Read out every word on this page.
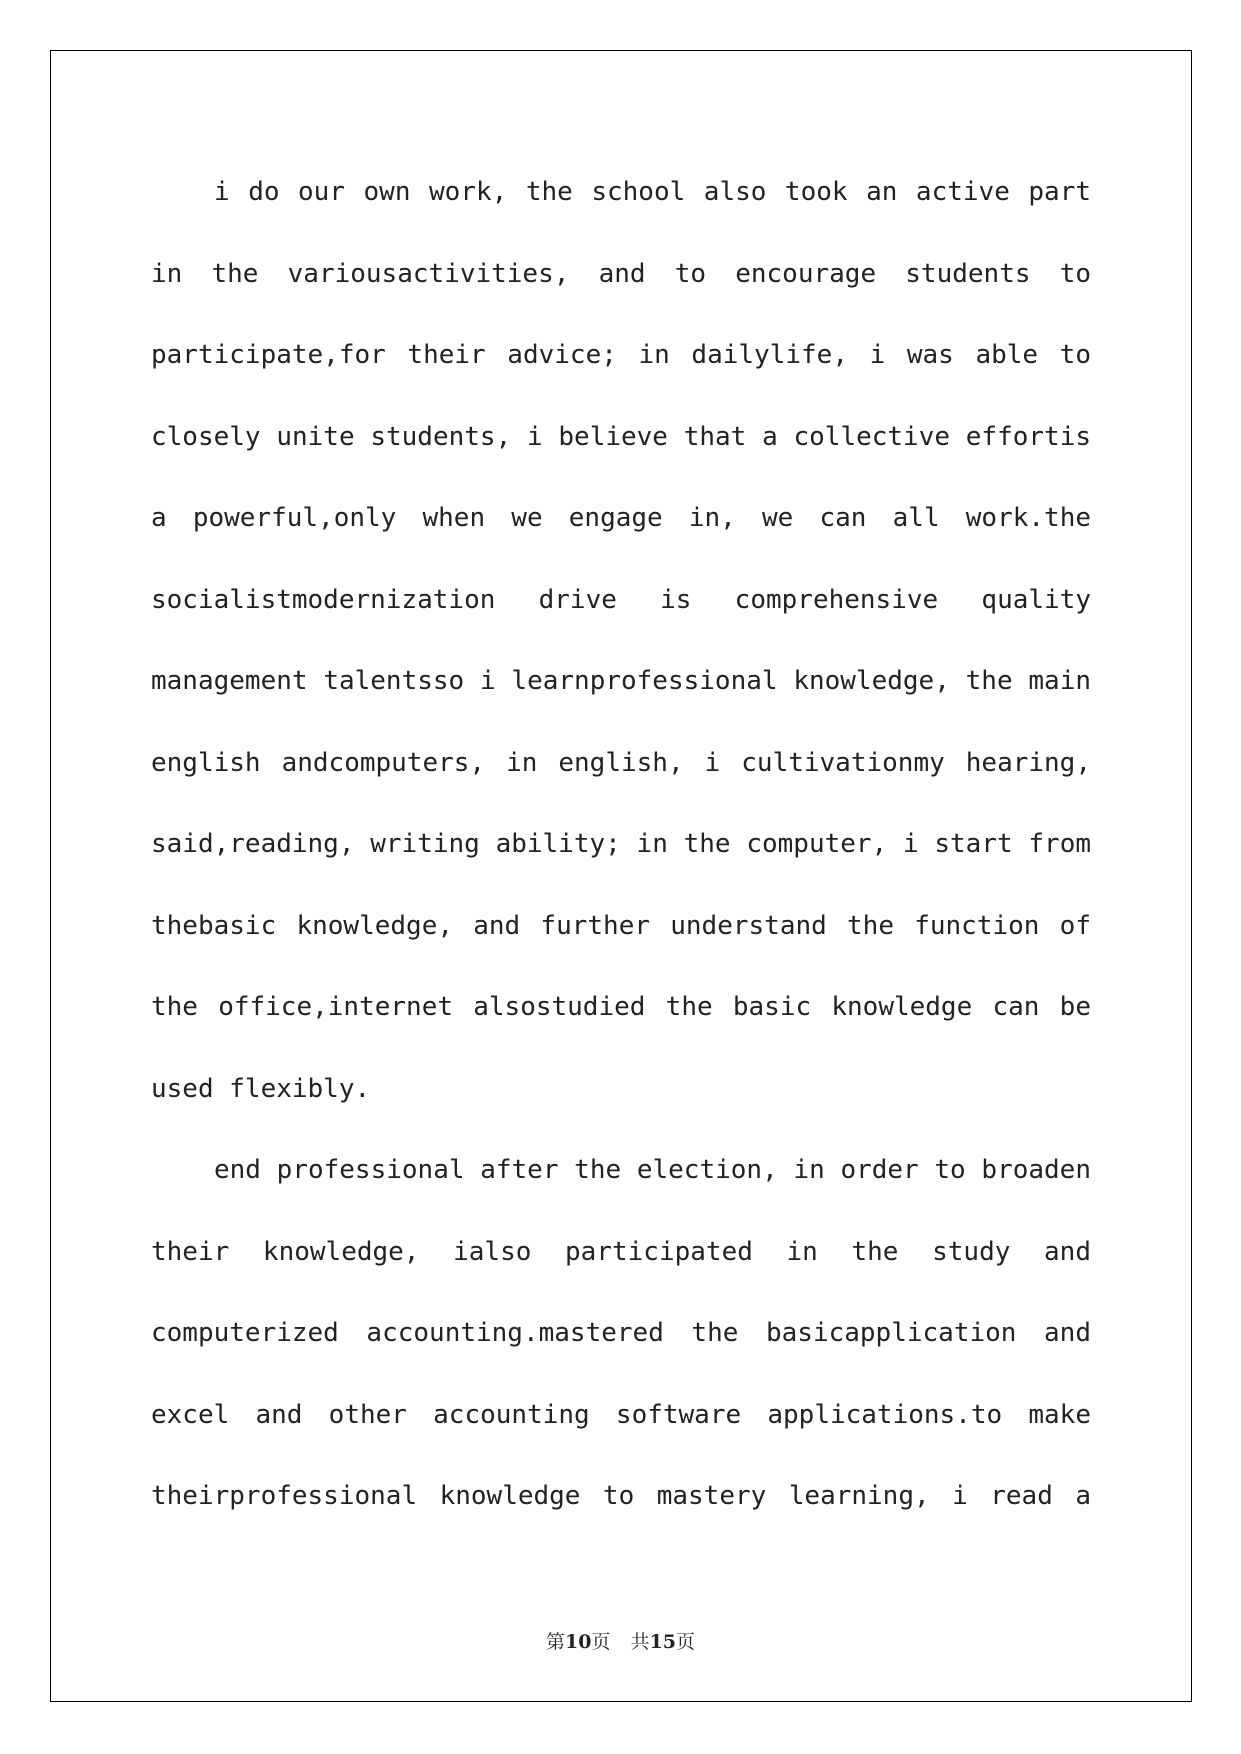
i do our own work, the school also took an active part
in the variousactivities, and to encourage students to
participate,for their advice; in dailylife, i was able to
closely unite students, i believe that a collective effortis
a powerful,only when we engage in, we can all work.the
socialistmodernization drive is comprehensive quality
management talentsso i learnprofessional knowledge, the main
english andcomputers, in english, i cultivationmy hearing,
said,reading, writing ability; in the computer, i start from
thebasic knowledge, and further understand the function of
the office,internet alsostudied the basic knowledge can be
used flexibly.
end professional after the election, in order to broaden
their knowledge, ialso participated in the study and
computerized accounting.mastered the basicapplication and
excel and other accounting software applications.to make
theirprofessional knowledge to mastery learning, i read a
第10页 共15页
